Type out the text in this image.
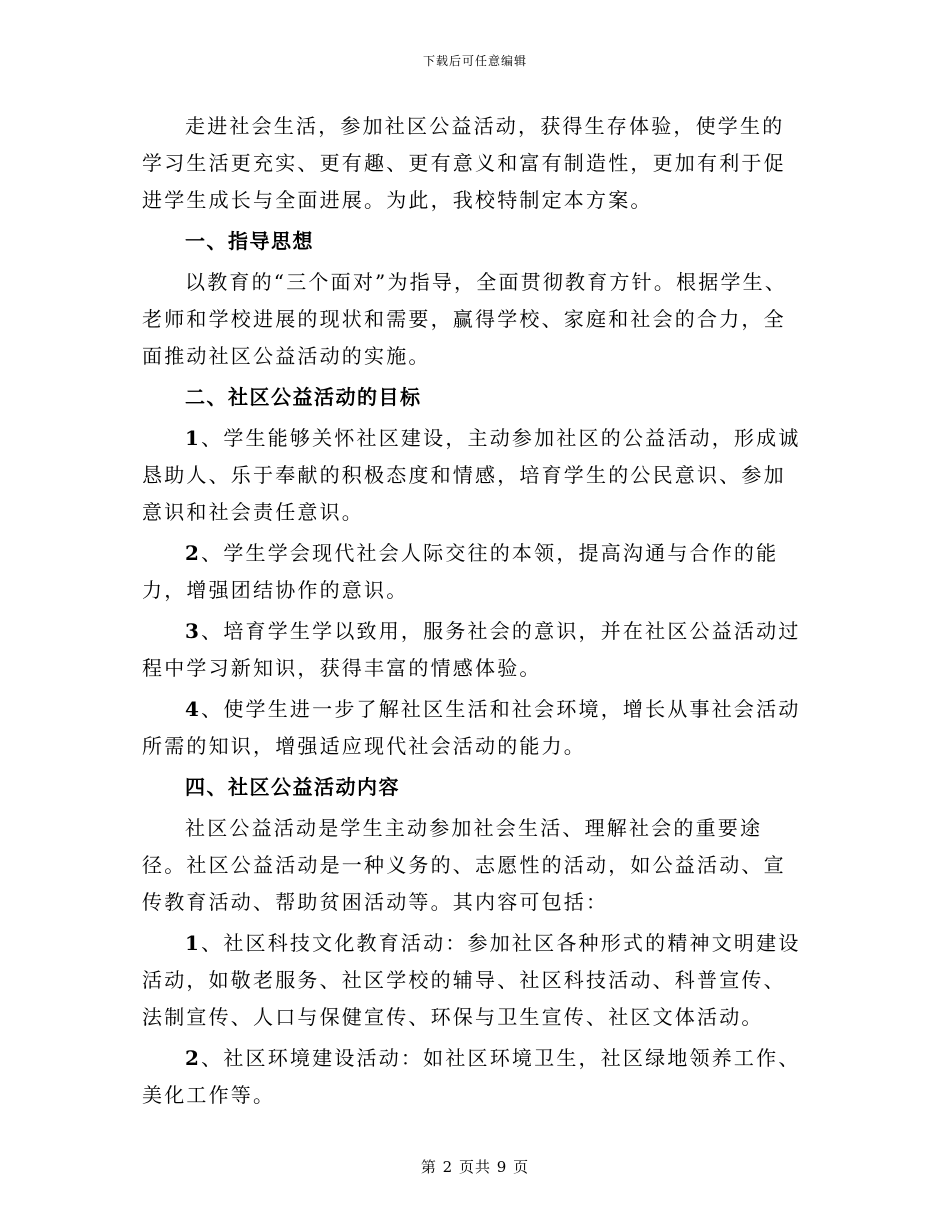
下载后可任意编辑

走进社会生活，参加社区公益活动，获得生存体验，使学生的学习生活更充实、更有趣、更有意义和富有制造性，更加有利于促进学生成长与全面进展。为此，我校特制定本方案。

一、指导思想

以教育的“三个面对”为指导，全面贯彻教育方针。根据学生、老师和学校进展的现状和需要，赢得学校、家庭和社会的合力，全面推动社区公益活动的实施。

二、社区公益活动的目标

1、学生能够关怀社区建设，主动参加社区的公益活动，形成诚恳助人、乐于奉献的积极态度和情感，培育学生的公民意识、参加意识和社会责任意识。

2、学生学会现代社会人际交往的本领，提高沟通与合作的能力，增强团结协作的意识。

3、培育学生学以致用，服务社会的意识，并在社区公益活动过程中学习新知识，获得丰富的情感体验。

4、使学生进一步了解社区生活和社会环境，增长从事社会活动所需的知识，增强适应现代社会活动的能力。

四、社区公益活动内容

社区公益活动是学生主动参加社会生活、理解社会的重要途径。社区公益活动是一种义务的、志愿性的活动，如公益活动、宣传教育活动、帮助贫困活动等。其内容可包括：

1、社区科技文化教育活动：参加社区各种形式的精神文明建设活动，如敬老服务、社区学校的辅导、社区科技活动、科普宣传、法制宣传、人口与保健宣传、环保与卫生宣传、社区文体活动。

2、社区环境建设活动：如社区环境卫生，社区绿地领养工作、美化工作等。

第 2 页共 9 页
